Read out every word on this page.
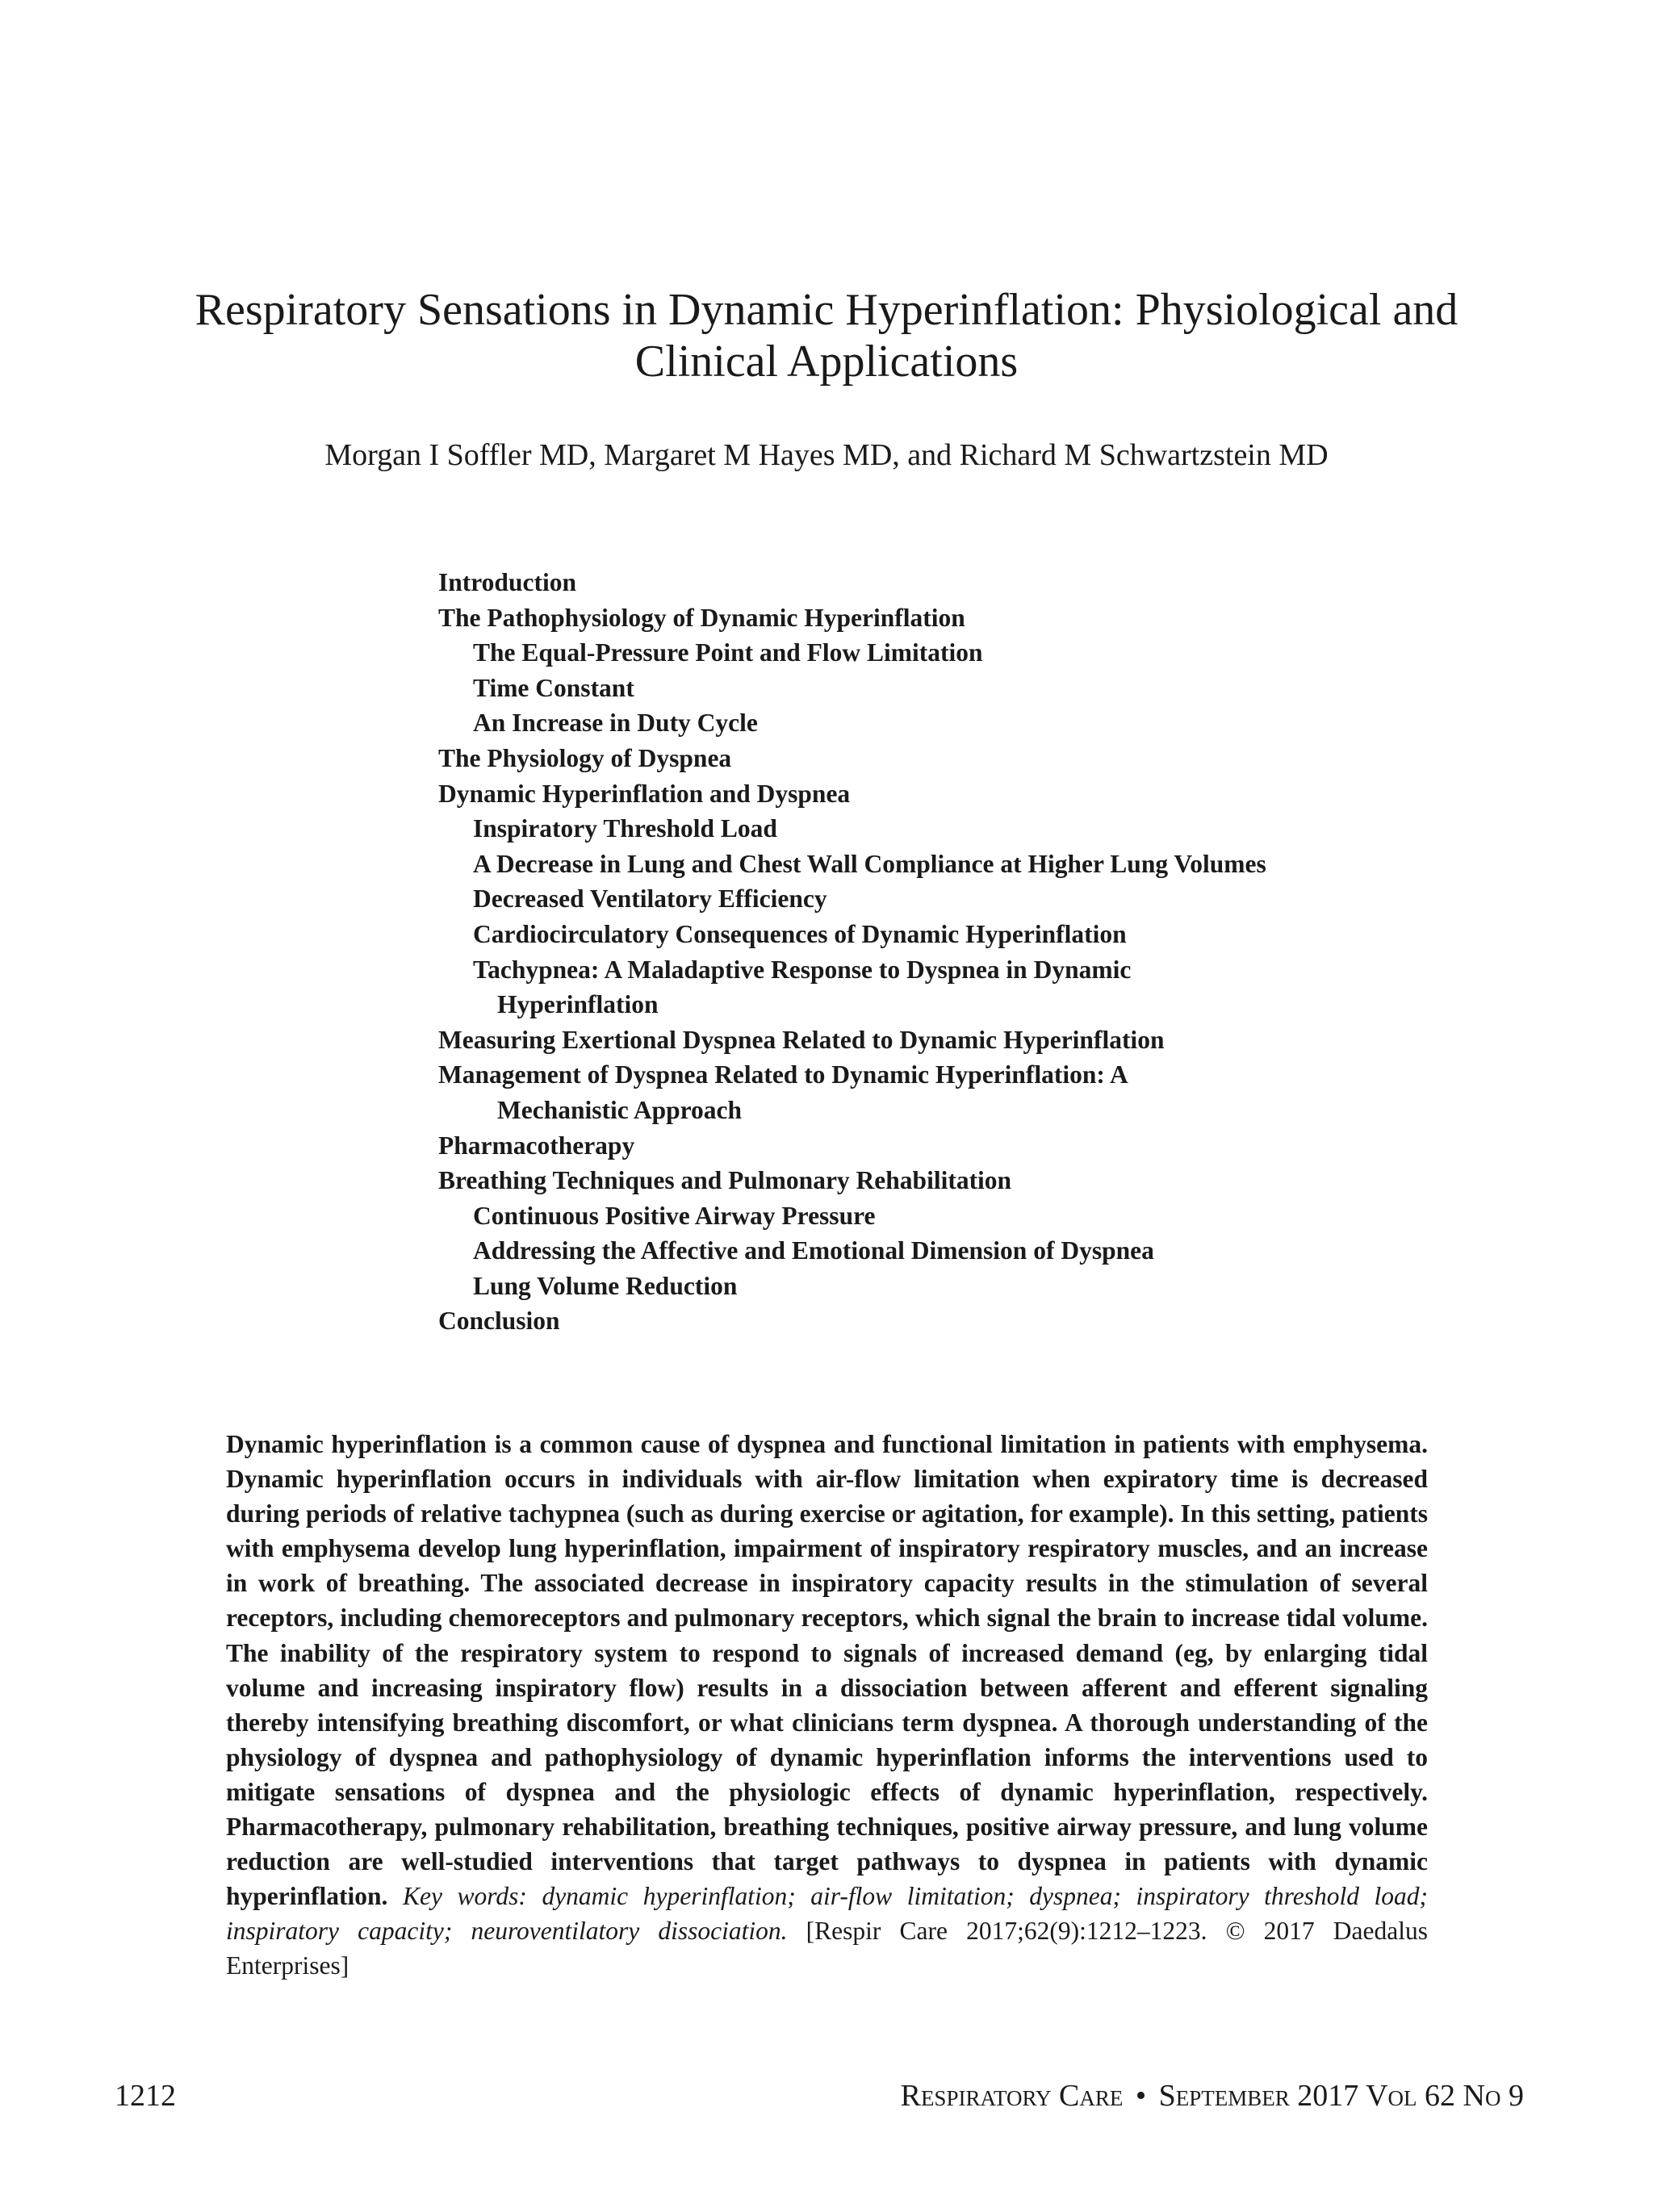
Respiratory Sensations in Dynamic Hyperinflation: Physiological and
Clinical Applications
Morgan I Soffler MD, Margaret M Hayes MD, and Richard M Schwartzstein MD
Introduction
The Pathophysiology of Dynamic Hyperinflation
The Equal-Pressure Point and Flow Limitation
Time Constant
An Increase in Duty Cycle
The Physiology of Dyspnea
Dynamic Hyperinflation and Dyspnea
Inspiratory Threshold Load
A Decrease in Lung and Chest Wall Compliance at Higher Lung Volumes
Decreased Ventilatory Efficiency
Cardiocirculatory Consequences of Dynamic Hyperinflation
Tachypnea: A Maladaptive Response to Dyspnea in Dynamic
Hyperinflation
Measuring Exertional Dyspnea Related to Dynamic Hyperinflation
Management of Dyspnea Related to Dynamic Hyperinflation: A
Mechanistic Approach
Pharmacotherapy
Breathing Techniques and Pulmonary Rehabilitation
Continuous Positive Airway Pressure
Addressing the Affective and Emotional Dimension of Dyspnea
Lung Volume Reduction
Conclusion

Dynamic hyperinflation is a common cause of dyspnea and functional limitation in patients with emphysema. Dynamic hyperinflation occurs in individuals with air-flow limitation when expiratory time is decreased during periods of relative tachypnea (such as during exercise or agitation, for example). In this setting, patients with emphysema develop lung hyperinflation, impairment of inspiratory respiratory muscles, and an increase in work of breathing. The associated decrease in inspiratory capacity results in the stimulation of several receptors, including chemoreceptors and pulmonary receptors, which signal the brain to increase tidal volume. The inability of the respiratory system to respond to signals of increased demand (eg, by enlarging tidal volume and increasing inspiratory flow) results in a dissociation between afferent and efferent signaling thereby intensifying breathing discomfort, or what clinicians term dyspnea. A thorough understanding of the physiology of dyspnea and pathophysiology of dynamic hyperinflation informs the interventions used to mitigate sensations of dyspnea and the physiologic effects of dynamic hyperinflation, respectively. Pharmacotherapy, pulmonary rehabilitation, breathing techniques, positive airway pressure, and lung volume reduction are well-studied interventions that target pathways to dyspnea in patients with dynamic hyperinflation. Key words: dynamic hyperinflation; air-flow limitation; dyspnea; inspiratory threshold load; inspiratory capacity; neuroventilatory dissociation. [Respir Care 2017;62(9):1212–1223. © 2017 Daedalus Enterprises]

1212	Respiratory Care • September 2017 Vol 62 No 9
